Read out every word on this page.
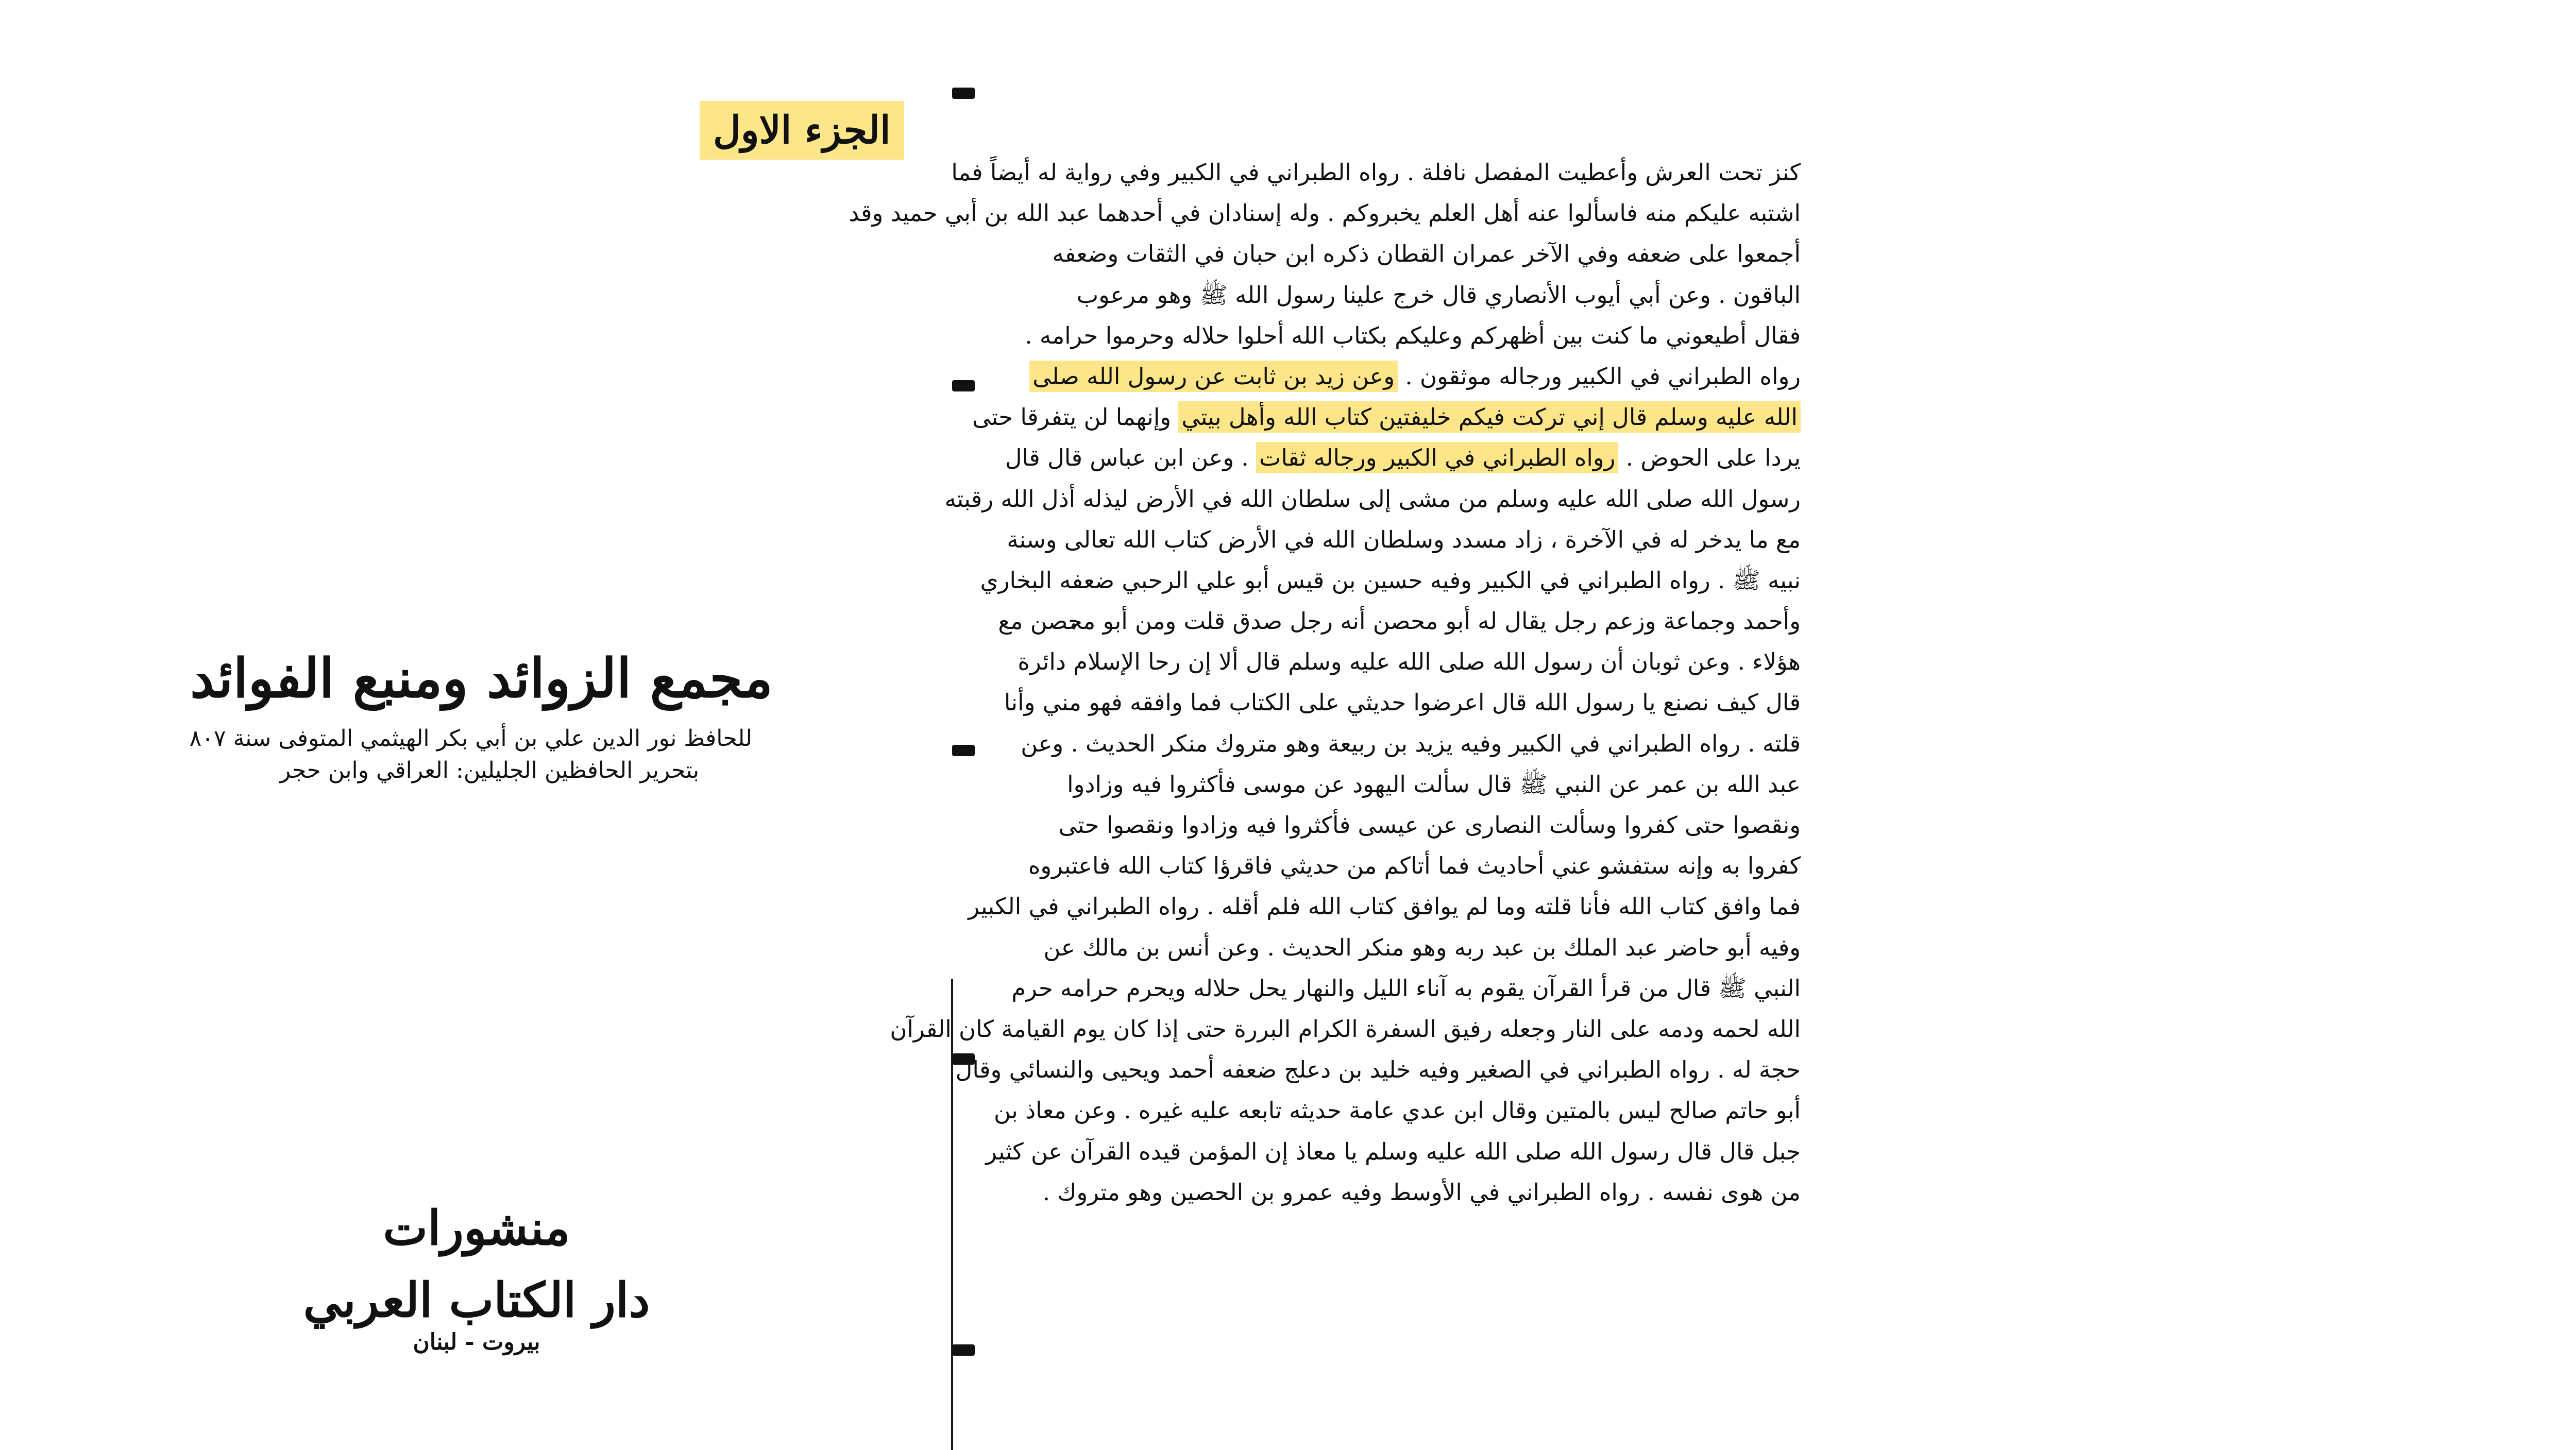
الجزء الاول
مجمع الزوائد ومنبع الفوائد
للحافظ نور الدين علي بن أبي بكر الهيثمي المتوفى سنة ٨٠٧
بتحرير الحافظين الجليلين: العراقي وابن حجر
منشورات
دار الكتاب العربي
بيروت - لبنان
كنز تحت العرش وأعطيت المفصل نافلة . رواه الطبراني في الكبير وفي رواية له أيضاً فما
اشتبه عليكم منه فاسألوا عنه أهل العلم يخبروكم . وله إسنادان في أحدهما عبد الله بن أبي حميد وقد
أجمعوا على ضعفه وفي الآخر عمران القطان ذكره ابن حبان في الثقات وضعفه
الباقون . وعن أبي أيوب الأنصاري قال خرج علينا رسول الله ﷺ وهو مرعوب
فقال أطيعوني ما كنت بين أظهركم وعليكم بكتاب الله أحلوا حلاله وحرموا حرامه .
رواه الطبراني في الكبير ورجاله موثقون . وعن زيد بن ثابت عن رسول الله صلى
الله عليه وسلم قال إني تركت فيكم خليفتين كتاب الله وأهل بيتي وإنهما لن يتفرقا حتى
يردا على الحوض . رواه الطبراني في الكبير ورجاله ثقات . وعن ابن عباس قال قال
رسول الله صلى الله عليه وسلم من مشى إلى سلطان الله في الأرض ليذله أذل الله رقبته
مع ما يدخر له في الآخرة ، زاد مسدد وسلطان الله في الأرض كتاب الله تعالى وسنة
نبيه ﷺ . رواه الطبراني في الكبير وفيه حسين بن قيس أبو علي الرحبي ضعفه البخاري
وأحمد وجماعة وزعم رجل يقال له أبو محصن أنه رجل صدق قلت ومن أبو محصن مع
هؤلاء . وعن ثوبان أن رسول الله صلى الله عليه وسلم قال ألا إن رحا الإسلام دائرة
قال كيف نصنع يا رسول الله قال اعرضوا حديثي على الكتاب فما وافقه فهو مني وأنا
قلته . رواه الطبراني في الكبير وفيه يزيد بن ربيعة وهو متروك منكر الحديث . وعن
عبد الله بن عمر عن النبي ﷺ قال سألت اليهود عن موسى فأكثروا فيه وزادوا
ونقصوا حتى كفروا وسألت النصارى عن عيسى فأكثروا فيه وزادوا ونقصوا حتى
كفروا به وإنه ستفشو عني أحاديث فما أتاكم من حديثي فاقرؤا كتاب الله فاعتبروه
فما وافق كتاب الله فأنا قلته وما لم يوافق كتاب الله فلم أقله . رواه الطبراني في الكبير
وفيه أبو حاضر عبد الملك بن عبد ربه وهو منكر الحديث . وعن أنس بن مالك عن
النبي ﷺ قال من قرأ القرآن يقوم به آناء الليل والنهار يحل حلاله ويحرم حرامه حرم
الله لحمه ودمه على النار وجعله رفيق السفرة الكرام البررة حتى إذا كان يوم القيامة كان القرآن
حجة له . رواه الطبراني في الصغير وفيه خليد بن دعلج ضعفه أحمد ويحيى والنسائي وقال
أبو حاتم صالح ليس بالمتين وقال ابن عدي عامة حديثه تابعه عليه غيره . وعن معاذ بن
جبل قال قال رسول الله صلى الله عليه وسلم يا معاذ إن المؤمن قيده القرآن عن كثير
من هوى نفسه . رواه الطبراني في الأوسط وفيه عمرو بن الحصين وهو متروك .
